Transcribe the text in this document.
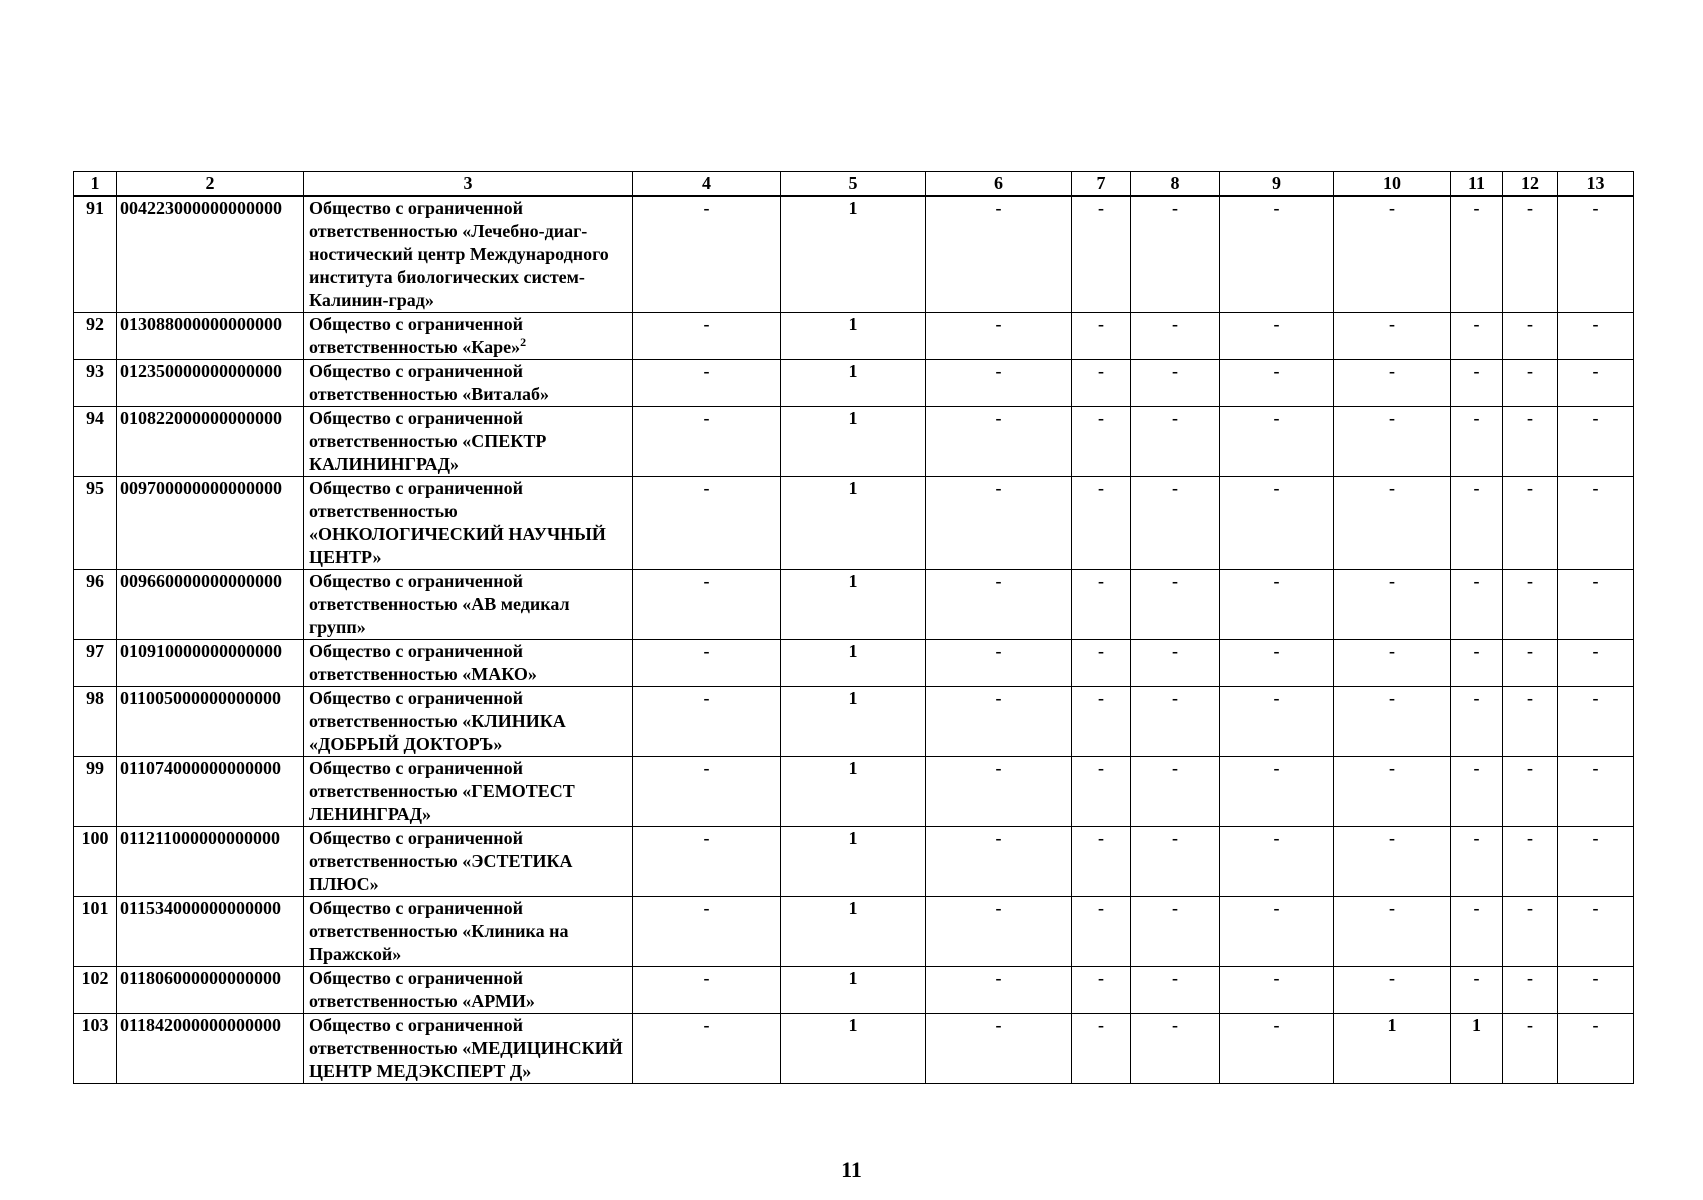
1	2	3	4	5	6	7	8	9	10	11	12	13
91	004223000000000000	Общество с ограниченной ответственностью «Лечебно-диаг-ностический центр Международного института биологических систем-Калинин-град»	-	1	-	-	-	-	-	-	-	-
92	013088000000000000	Общество с ограниченной ответственностью «Каре»$^2$	-	1	-	-	-	-	-	-	-	-
93	012350000000000000	Общество с ограниченной ответственностью «Виталаб»	-	1	-	-	-	-	-	-	-	-
94	010822000000000000	Общество с ограниченной ответственностью «СПЕКТР КАЛИНИНГРАД»	-	1	-	-	-	-	-	-	-	-
95	009700000000000000	Общество с ограниченной ответственностью «ОНКОЛОГИЧЕСКИЙ НАУЧНЫЙ ЦЕНТР»	-	1	-	-	-	-	-	-	-	-
96	009660000000000000	Общество с ограниченной ответственностью «АВ медикал групп»	-	1	-	-	-	-	-	-	-	-
97	010910000000000000	Общество с ограниченной ответственностью «МАКО»	-	1	-	-	-	-	-	-	-	-
98	011005000000000000	Общество с ограниченной ответственностью «КЛИНИКА «ДОБРЫЙ ДОКТОРЪ»	-	1	-	-	-	-	-	-	-	-
99	011074000000000000	Общество с ограниченной ответственностью «ГЕМОТЕСТ ЛЕНИНГРАД»	-	1	-	-	-	-	-	-	-	-
100	011211000000000000	Общество с ограниченной ответственностью «ЭСТЕТИКА ПЛЮС»	-	1	-	-	-	-	-	-	-	-
101	011534000000000000	Общество с ограниченной ответственностью «Клиника на Пражской»	-	1	-	-	-	-	-	-	-	-
102	011806000000000000	Общество с ограниченной ответственностью «АРМИ»	-	1	-	-	-	-	-	-	-	-
103	011842000000000000	Общество с ограниченной ответственностью «МЕДИЦИНСКИЙ ЦЕНТР МЕДЭКСПЕРТ Д»	-	1	-	-	-	-	1	1	-	-
11
